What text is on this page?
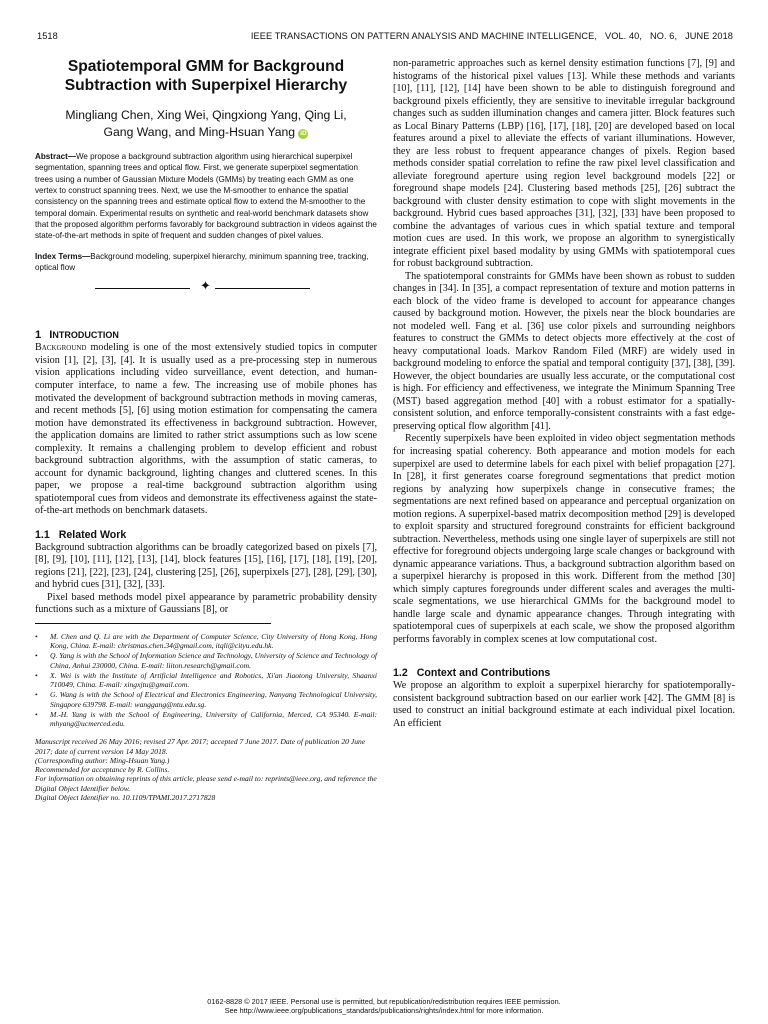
1518	IEEE TRANSACTIONS ON PATTERN ANALYSIS AND MACHINE INTELLIGENCE,   VOL. 40,   NO. 6,   JUNE 2018
Spatiotemporal GMM for Background
Subtraction with Superpixel Hierarchy
Mingliang Chen, Xing Wei, Qingxiong Yang, Qing Li,
Gang Wang, and Ming-Hsuan Yang iD
Abstract—We propose a background subtraction algorithm using hierarchical superpixel segmentation, spanning trees and optical flow. First, we generate superpixel segmentation trees using a number of Gaussian Mixture Models (GMMs) by treating each GMM as one vertex to construct spanning trees. Next, we use the M-smoother to enhance the spatial consistency on the spanning trees and estimate optical flow to extend the M-smoother to the temporal domain. Experimental results on synthetic and real-world benchmark datasets show that the proposed algorithm performs favorably for background subtraction in videos against the state-of-the-art methods in spite of frequent and sudden changes of pixel values.
Index Terms—Background modeling, superpixel hierarchy, minimum spanning tree, tracking, optical flow
✦
1 INTRODUCTION

Background modeling is one of the most extensively studied topics in computer vision [1], [2], [3], [4]. It is usually used as a pre-processing step in numerous vision applications including video surveillance, event detection, and human-computer interface, to name a few. The increasing use of mobile phones has motivated the development of background subtraction methods in moving cameras, and recent methods [5], [6] using motion estimation for compensating the camera motion have demonstrated its effectiveness in background subtraction. However, the application domains are limited to rather strict assumptions such as low scene complexity. It remains a challenging problem to develop efficient and robust background subtraction algorithms, with the assumption of static cameras, to account for dynamic background, lighting changes and cluttered scenes. In this paper, we propose a real-time background subtraction algorithm using spatiotemporal cues from videos and demonstrate its effectiveness against the state-of-the-art methods on benchmark datasets.

1.1 Related Work

Background subtraction algorithms can be broadly categorized based on pixels [7], [8], [9], [10], [11], [12], [13], [14], block features [15], [16], [17], [18], [19], [20], regions [21], [22], [23], [24], clustering [25], [26], superpixels [27], [28], [29], [30], and hybrid cues [31], [32], [33].

Pixel based methods model pixel appearance by parametric probability density functions such as a mixture of Gaussians [8], or

• M. Chen and Q. Li are with the Department of Computer Science, City University of Hong Kong, Hong Kong, China. E-mail: christmas.chen.34@gmail.com, itqli@cityu.edu.hk.

• Q. Yang is with the School of Information Science and Technology, University of Science and Technology of China, Anhui 230000, China. E-mail: liiton.research@gmail.com.

• X. Wei is with the Institute of Artificial Intelligence and Robotics, Xi'an Jiaotong University, Shaanxi 710049, China. E-mail: xingxjtu@gmail.com.

• G. Wang is with the School of Electrical and Electronics Engineering, Nanyang Technological University, Singapore 639798. E-mail: wanggang@ntu.edu.sg.

• M.-H. Yang is with the School of Engineering, University of California, Merced, CA 95340. E-mail: mhyang@ucmerced.edu.

Manuscript received 26 May 2016; revised 27 Apr. 2017; accepted 7 June 2017. Date of publication 20 June 2017; date of current version 14 May 2018.
(Corresponding author: Ming-Hsuan Yang.)
Recommended for acceptance by R. Collins.
For information on obtaining reprints of this article, please send e-mail to: reprints@ieee.org, and reference the Digital Object Identifier below.
Digital Object Identifier no. 10.1109/TPAMI.2017.2717828

non-parametric approaches such as kernel density estimation functions [7], [9] and histograms of the historical pixel values [13]. While these methods and variants [10], [11], [12], [14] have been shown to be able to distinguish foreground and background pixels efficiently, they are sensitive to inevitable irregular background changes such as sudden illumination changes and camera jitter. Block features such as Local Binary Patterns (LBP) [16], [17], [18], [20] are developed based on local features around a pixel to alleviate the effects of variant illuminations. However, they are less robust to frequent appearance changes of pixels. Region based methods consider spatial correlation to refine the raw pixel level classification and alleviate foreground aperture using region level background models [22] or foreground shape models [24]. Clustering based methods [25], [26] subtract the background with cluster density estimation to cope with slight movements in the background. Hybrid cues based approaches [31], [32], [33] have been proposed to combine the advantages of various cues in which spatial texture and temporal motion cues are used. In this work, we propose an algorithm to synergistically integrate efficient pixel based modality by using GMMs with spatiotemporal cues for robust background subtraction.

The spatiotemporal constraints for GMMs have been shown as robust to sudden changes in [34]. In [35], a compact representation of texture and motion patterns in each block of the video frame is developed to account for appearance changes caused by background motion. However, the pixels near the block boundaries are not modeled well. Fang et al. [36] use color pixels and surrounding neighbors features to construct the GMMs to detect objects more effectively at the cost of heavy computational loads. Markov Random Filed (MRF) are widely used in background modeling to enforce the spatial and temporal contiguity [37], [38], [39]. However, the object boundaries are usually less accurate, or the computational cost is high. For efficiency and effectiveness, we integrate the Minimum Spanning Tree (MST) based aggregation method [40] with a robust estimator for a spatially-consistent solution, and enforce temporally-consistent constraints with a fast edge-preserving optical flow algorithm [41].

Recently superpixels have been exploited in video object segmentation methods for increasing spatial coherency. Both appearance and motion models for each superpixel are used to determine labels for each pixel with belief propagation [27]. In [28], it first generates coarse foreground segmentations that predict motion regions by analyzing how superpixels change in consecutive frames; the segmentations are next refined based on appearance and perceptual organization on motion regions. A superpixel-based matrix decomposition method [29] is developed to exploit sparsity and structured foreground constraints for efficient background subtraction. Nevertheless, methods using one single layer of superpixels are still not effective for foreground objects undergoing large scale changes or background with dynamic appearance variations. Thus, a background subtraction algorithm based on a superpixel hierarchy is proposed in this work. Different from the method [30] which simply captures foregrounds under different scales and averages the multi-scale segmentations, we use hierarchical GMMs for the background model to handle large scale and dynamic appearance changes. Through integrating with spatiotemporal cues of superpixels at each scale, we show the proposed algorithm performs favorably in complex scenes at low computational cost.

1.2 Context and Contributions

We propose an algorithm to exploit a superpixel hierarchy for spatiotemporally-consistent background subtraction based on our earlier work [42]. The GMM [8] is used to construct an initial background estimate at each individual pixel location. An efficient

0162-8828 © 2017 IEEE. Personal use is permitted, but republication/redistribution requires IEEE permission.
See http://www.ieee.org/publications_standards/publications/rights/index.html for more information.
